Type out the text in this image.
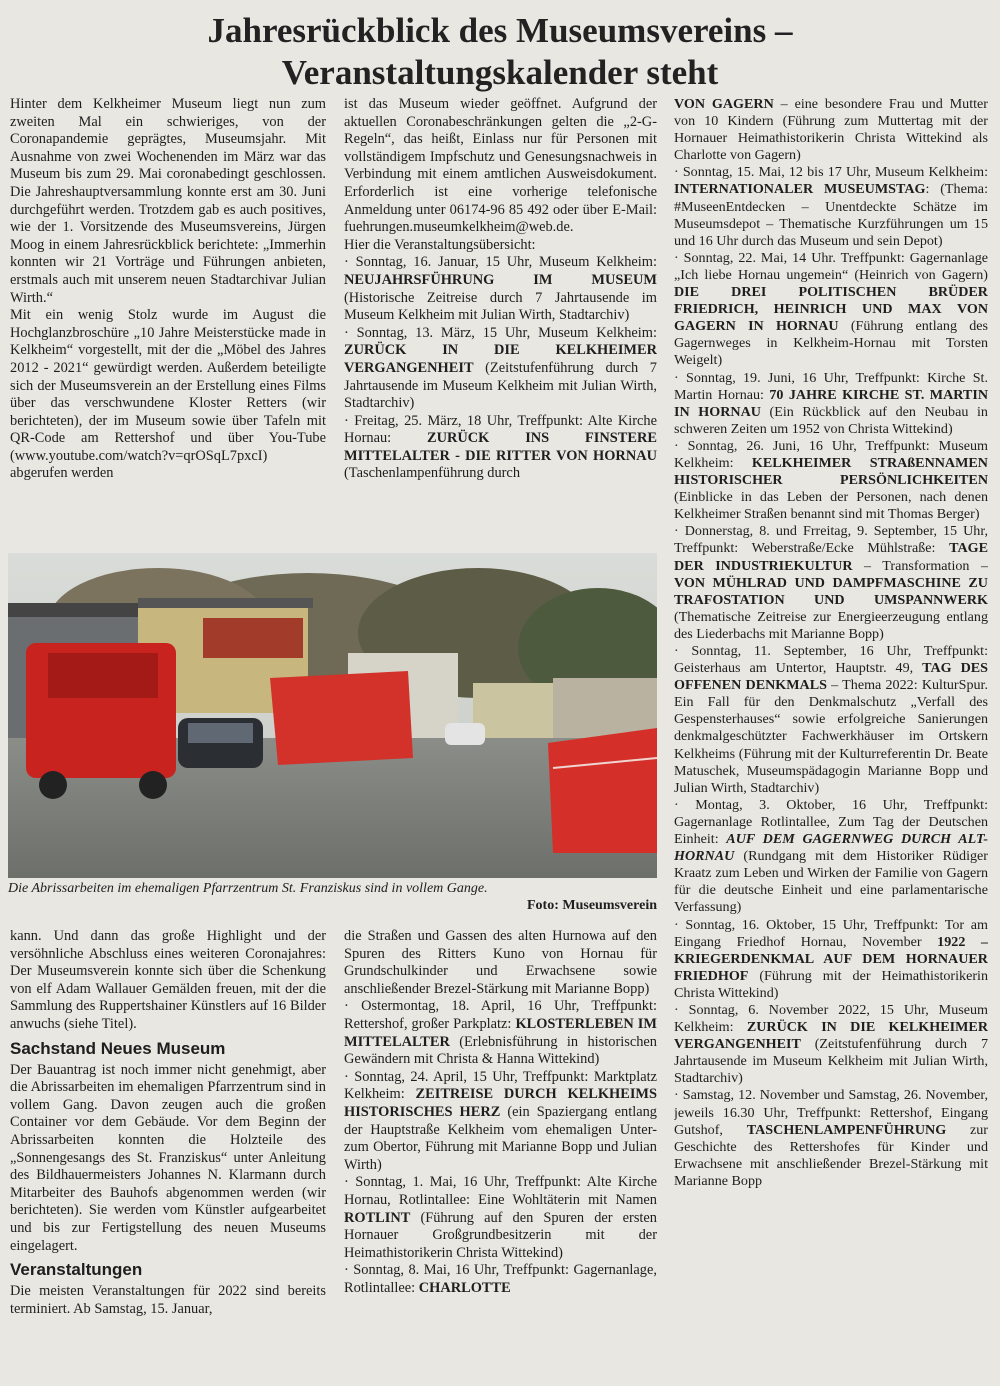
Jahresrückblick des Museumsvereins –
Veranstaltungskalender steht

Hinter dem Kelkheimer Museum liegt nun zum zweiten Mal ein schwieriges, von der Coronapandemie geprägtes, Museumsjahr. Mit Ausnahme von zwei Wochenenden im März war das Museum bis zum 29. Mai coronabedingt geschlossen. Die Jahreshauptversammlung konnte erst am 30. Juni durchgeführt werden. Trotzdem gab es auch positives, wie der 1. Vorsitzende des Museumsvereins, Jürgen Moog in einem Jahresrückblick berichtete: „Immerhin konnten wir 21 Vorträge und Führungen anbieten, erstmals auch mit unserem neuen Stadtarchivar Julian Wirth.“

Mit ein wenig Stolz wurde im August die Hochglanzbroschüre „10 Jahre Meisterstücke made in Kelkheim“ vorgestellt, mit der die „Möbel des Jahres 2012 - 2021“ gewürdigt werden. Außerdem beteiligte sich der Museumsverein an der Erstellung eines Films über das verschwundene Kloster Retters (wir berichteten), der im Museum sowie über Tafeln mit QR-Code am Rettershof und über You-Tube (www.youtube.com/watch?v=qrOSqL7pxcI) abgerufen werden

ist das Museum wieder geöffnet. Aufgrund der aktuellen Coronabeschränkungen gelten die „2-G-Regeln“, das heißt, Einlass nur für Personen mit vollständigem Impfschutz und Genesungsnachweis in Verbindung mit einem amtlichen Ausweisdokument. Erforderlich ist eine vorherige telefonische Anmeldung unter 06174-96 85 492 oder über E-Mail: fuehrungen.museumkelkheim@web.de.

Hier die Veranstaltungsübersicht:

· Sonntag, 16. Januar, 15 Uhr, Museum Kelkheim: NEUJAHRSFÜHRUNG IM MUSEUM (Historische Zeitreise durch 7 Jahrtausende im Museum Kelkheim mit Julian Wirth, Stadtarchiv)

· Sonntag, 13. März, 15 Uhr, Museum Kelkheim: ZURÜCK IN DIE KELKHEIMER VERGANGENHEIT (Zeitstufenführung durch 7 Jahrtausende im Museum Kelkheim mit Julian Wirth, Stadtarchiv)

· Freitag, 25. März, 18 Uhr, Treffpunkt: Alte Kirche Hornau: ZURÜCK INS FINSTERE MITTELALTER - DIE RITTER VON HORNAU (Taschenlampenführung durch

VON GAGERN – eine besondere Frau und Mutter von 10 Kindern (Führung zum Muttertag mit der Hornauer Heimathistorikerin Christa Wittekind als Charlotte von Gagern)

· Sonntag, 15. Mai, 12 bis 17 Uhr, Museum Kelkheim: INTERNATIONALER MUSEUMSTAG: (Thema: #MuseenEntdecken – Unentdeckte Schätze im Museumsdepot – Thematische Kurzführungen um 15 und 16 Uhr durch das Museum und sein Depot)

· Sonntag, 22. Mai, 14 Uhr. Treffpunkt: Gagernanlage „Ich liebe Hornau ungemein“ (Heinrich von Gagern) DIE DREI POLITISCHEN BRÜDER FRIEDRICH, HEINRICH UND MAX VON GAGERN IN HORNAU (Führung entlang des Gagernweges in Kelkheim-Hornau mit Torsten Weigelt)

· Sonntag, 19. Juni, 16 Uhr, Treffpunkt: Kirche St. Martin Hornau: 70 JAHRE KIRCHE ST. MARTIN IN HORNAU (Ein Rückblick auf den Neubau in schweren Zeiten um 1952 von Christa Wittekind)

· Sonntag, 26. Juni, 16 Uhr, Treffpunkt: Museum Kelkheim: KELKHEIMER STRAßENNAMEN HISTORISCHER PERSÖNLICHKEITEN (Einblicke in das Leben der Personen, nach denen Kelkheimer Straßen benannt sind mit Thomas Berger)

· Donnerstag, 8. und Frreitag, 9. September, 15 Uhr, Treffpunkt: Weberstraße/Ecke Mühlstraße: TAGE DER INDUSTRIEKULTUR – Transformation – VON MÜHLRAD UND DAMPFMASCHINE ZU TRAFOSTATION UND UMSPANNWERK (Thematische Zeitreise zur Energieerzeugung entlang des Liederbachs mit Marianne Bopp)

· Sonntag, 11. September, 16 Uhr, Treffpunkt: Geisterhaus am Untertor, Hauptstr. 49, TAG DES OFFENEN DENKMALS – Thema 2022: KulturSpur. Ein Fall für den Denkmalschutz „Verfall des Gespensterhauses“ sowie erfolgreiche Sanierungen denkmalgeschützter Fachwerkhäuser im Ortskern Kelkheims (Führung mit der Kulturreferentin Dr. Beate Matuschek, Museumspädagogin Marianne Bopp und Julian Wirth, Stadtarchiv)

· Montag, 3. Oktober, 16 Uhr, Treffpunkt: Gagernanlage Rotlintallee, Zum Tag der Deutschen Einheit: AUF DEM GAGERNWEG DURCH ALT-HORNAU (Rundgang mit dem Historiker Rüdiger Kraatz zum Leben und Wirken der Familie von Gagern für die deutsche Einheit und eine parlamentarische Verfassung)

· Sonntag, 16. Oktober, 15 Uhr, Treffpunkt: Tor am Eingang Friedhof Hornau, November 1922 – KRIEGERDENKMAL AUF DEM HORNAUER FRIEDHOF (Führung mit der Heimathistorikerin Christa Wittekind)

· Sonntag, 6. November 2022, 15 Uhr, Museum Kelkheim: ZURÜCK IN DIE KELKHEIMER VERGANGENHEIT (Zeitstufenführung durch 7 Jahrtausende im Museum Kelkheim mit Julian Wirth, Stadtarchiv)

· Samstag, 12. November und Samstag, 26. November, jeweils 16.30 Uhr, Treffpunkt: Rettershof, Eingang Gutshof, TASCHENLAMPENFÜHRUNG zur Geschichte des Rettershofes für Kinder und Erwachsene mit anschließender Brezel-Stärkung mit Marianne Bopp

Die Abrissarbeiten im ehemaligen Pfarrzentrum St. Franziskus sind in vollem Gange.
Foto: Museumsverein

kann. Und dann das große Highlight und der versöhnliche Abschluss eines weiteren Coronajahres: Der Museumsverein konnte sich über die Schenkung von elf Adam Wallauer Gemälden freuen, mit der die Sammlung des Ruppertshainer Künstlers auf 16 Bilder anwuchs (siehe Titel).

Sachstand Neues Museum

Der Bauantrag ist noch immer nicht genehmigt, aber die Abrissarbeiten im ehemaligen Pfarrzentrum sind in vollem Gang. Davon zeugen auch die großen Container vor dem Gebäude. Vor dem Beginn der Abrissarbeiten konnten die Holzteile des „Sonnengesangs des St. Franziskus“ unter Anleitung des Bildhauermeisters Johannes N. Klarmann durch Mitarbeiter des Bauhofs abgenommen werden (wir berichteten). Sie werden vom Künstler aufgearbeitet und bis zur Fertigstellung des neuen Museums eingelagert.

Veranstaltungen

Die meisten Veranstaltungen für 2022 sind bereits terminiert. Ab Samstag, 15. Januar,

die Straßen und Gassen des alten Hurnowa auf den Spuren des Ritters Kuno von Hornau für Grundschulkinder und Erwachsene sowie anschließender Brezel-Stärkung mit Marianne Bopp)

· Ostermontag, 18. April, 16 Uhr, Treffpunkt: Rettershof, großer Parkplatz: KLOSTERLEBEN IM MITTELALTER (Erlebnisführung in historischen Gewändern mit Christa & Hanna Wittekind)

· Sonntag, 24. April, 15 Uhr, Treffpunkt: Marktplatz Kelkheim: ZEITREISE DURCH KELKHEIMS HISTORISCHES HERZ (ein Spaziergang entlang der Hauptstraße Kelkheim vom ehemaligen Unter- zum Obertor, Führung mit Marianne Bopp und Julian Wirth)

· Sonntag, 1. Mai, 16 Uhr, Treffpunkt: Alte Kirche Hornau, Rotlintallee: Eine Wohltäterin mit Namen ROTLINT (Führung auf den Spuren der ersten Hornauer Großgrundbesitzerin mit der Heimathistorikerin Christa Wittekind)

· Sonntag, 8. Mai, 16 Uhr, Treffpunkt: Gagernanlage, Rotlintallee: CHARLOTTE
